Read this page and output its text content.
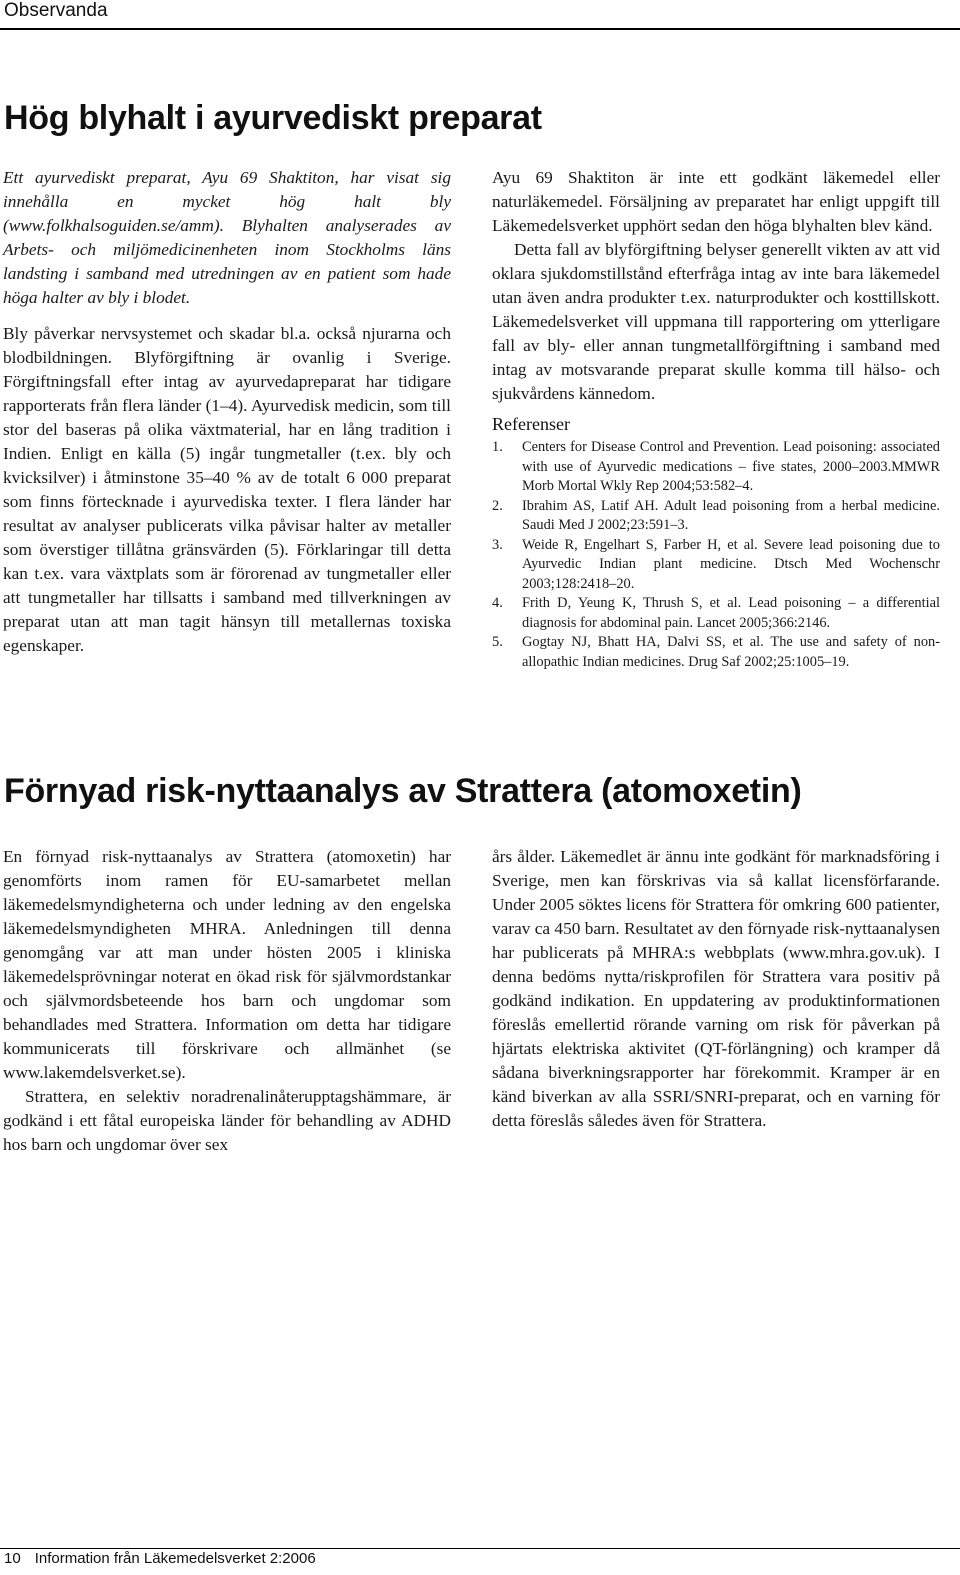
Observanda
Hög blyhalt i ayurvediskt preparat

Ett ayurvediskt preparat, Ayu 69 Shaktiton, har visat sig innehålla en mycket hög halt bly (www.folkhalsoguiden.se/amm). Blyhalten analyserades av Arbets- och miljömedicinenheten inom Stockholms läns landsting i samband med utredningen av en patient som hade höga halter av bly i blodet.

Bly påverkar nervsystemet och skadar bl.a. också njurarna och blodbildningen. Blyförgiftning är ovanlig i Sverige. Förgiftningsfall efter intag av ayurvedapreparat har tidigare rapporterats från flera länder (1–4). Ayurvedisk medicin, som till stor del baseras på olika växtmaterial, har en lång tradition i Indien. Enligt en källa (5) ingår tungmetaller (t.ex. bly och kvicksilver) i åtminstone 35–40 % av de totalt 6 000 preparat som finns förtecknade i ayurvediska texter. I flera länder har resultat av analyser publicerats vilka påvisar halter av metaller som överstiger tillåtna gränsvärden (5). Förklaringar till detta kan t.ex. vara växtplats som är förorenad av tungmetaller eller att tungmetaller har tillsatts i samband med tillverkningen av preparat utan att man tagit hänsyn till metallernas toxiska egenskaper.

Ayu 69 Shaktiton är inte ett godkänt läkemedel eller naturläkemedel. Försäljning av preparatet har enligt uppgift till Läkemedelsverket upphört sedan den höga blyhalten blev känd.

Detta fall av blyförgiftning belyser generellt vikten av att vid oklara sjukdomstillstånd efterfråga intag av inte bara läkemedel utan även andra produkter t.ex. naturprodukter och kosttillskott. Läkemedelsverket vill uppmana till rapportering om ytterligare fall av bly- eller annan tungmetallförgiftning i samband med intag av motsvarande preparat skulle komma till hälso- och sjukvårdens kännedom.

Referenser
1. Centers for Disease Control and Prevention. Lead poisoning: associated with use of Ayurvedic medications – five states, 2000–2003.MMWR Morb Mortal Wkly Rep 2004;53:582–4.
2. Ibrahim AS, Latif AH. Adult lead poisoning from a herbal medicine. Saudi Med J 2002;23:591–3.
3. Weide R, Engelhart S, Farber H, et al. Severe lead poisoning due to Ayurvedic Indian plant medicine. Dtsch Med Wochenschr 2003;128:2418–20.
4. Frith D, Yeung K, Thrush S, et al. Lead poisoning – a differential diagnosis for abdominal pain. Lancet 2005;366:2146.
5. Gogtay NJ, Bhatt HA, Dalvi SS, et al. The use and safety of non-allopathic Indian medicines. Drug Saf 2002;25:1005–19.
Förnyad risk-nyttaanalys av Strattera (atomoxetin)

En förnyad risk-nyttaanalys av Strattera (atomoxetin) har genomförts inom ramen för EU-samarbetet mellan läkemedelsmyndigheterna och under ledning av den engelska läkemedelsmyndigheten MHRA. Anledningen till denna genomgång var att man under hösten 2005 i kliniska läkemedelsprövningar noterat en ökad risk för självmordstankar och självmordsbeteende hos barn och ungdomar som behandlades med Strattera. Information om detta har tidigare kommunicerats till förskrivare och allmänhet (se www.lakemdelsverket.se).

Strattera, en selektiv noradrenalinåterupptagshämmare, är godkänd i ett fåtal europeiska länder för behandling av ADHD hos barn och ungdomar över sex

års ålder. Läkemedlet är ännu inte godkänt för marknadsföring i Sverige, men kan förskrivas via så kallat licensförfarande. Under 2005 söktes licens för Strattera för omkring 600 patienter, varav ca 450 barn. Resultatet av den förnyade risk-nyttaanalysen har publicerats på MHRA:s webbplats (www.mhra.gov.uk). I denna bedöms nytta/riskprofilen för Strattera vara positiv på godkänd indikation. En uppdatering av produktinformationen föreslås emellertid rörande varning om risk för påverkan på hjärtats elektriska aktivitet (QT-förlängning) och kramper då sådana biverkningsrapporter har förekommit. Kramper är en känd biverkan av alla SSRI/SNRI-preparat, och en varning för detta föreslås således även för Strattera.

10 Information från Läkemedelsverket 2:2006
